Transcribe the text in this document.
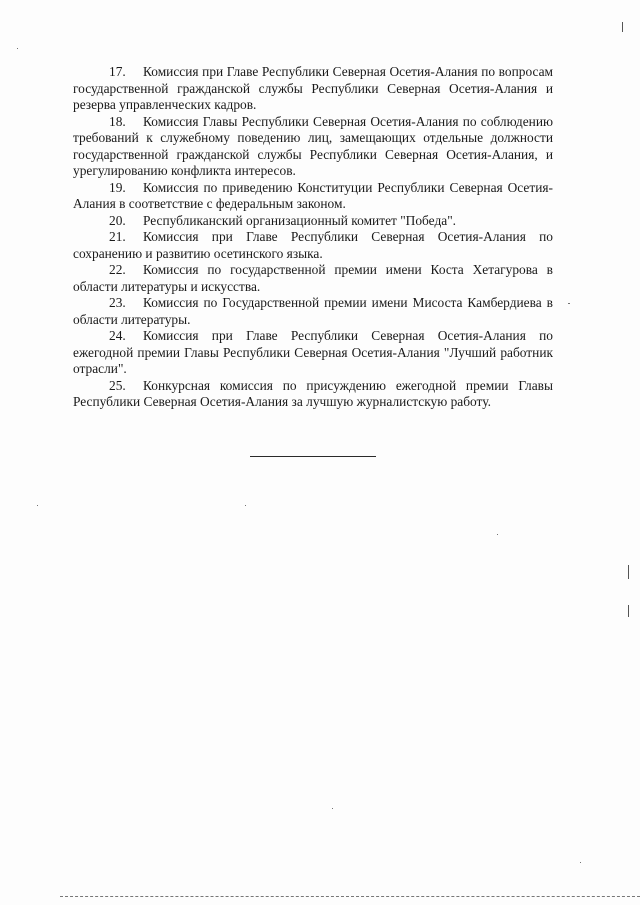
17. Комиссия при Главе Республики Северная Осетия-Алания по вопросам государственной гражданской службы Республики Северная Осетия-Алания и резерва управленческих кадров.
18. Комиссия Главы Республики Северная Осетия-Алания по соблюдению требований к служебному поведению лиц, замещающих отдельные должности государственной гражданской службы Республики Северная Осетия-Алания, и урегулированию конфликта интересов.
19. Комиссия по приведению Конституции Республики Северная Осетия-Алания в соответствие с федеральным законом.
20. Республиканский организационный комитет "Победа".
21. Комиссия при Главе Республики Северная Осетия-Алания по сохранению и развитию осетинского языка.
22. Комиссия по государственной премии имени Коста Хетагурова в области литературы и искусства.
23. Комиссия по Государственной премии имени Мисоста Камбердиева в области литературы.
24. Комиссия при Главе Республики Северная Осетия-Алания по ежегодной премии Главы Республики Северная Осетия-Алания "Лучший работник отрасли".
25. Конкурсная комиссия по присуждению ежегодной премии Главы Республики Северная Осетия-Алания за лучшую журналистскую работу.
